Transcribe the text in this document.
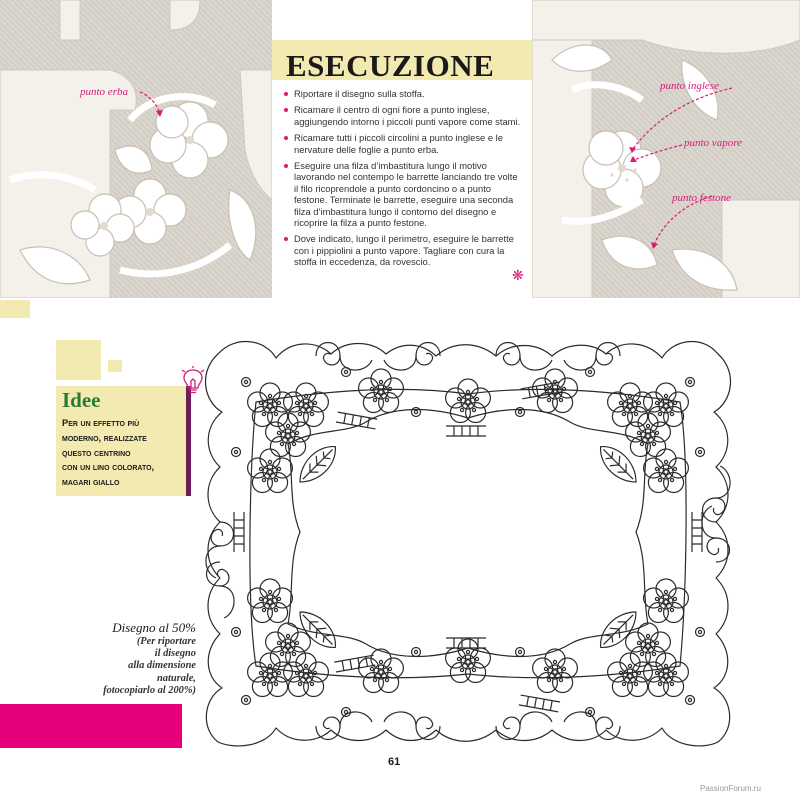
punto erba	punto inglese
punto vapore
punto festone
ESECUZIONE
Riportare il disegno sulla stoffa.
Ricamare il centro di ogni fiore a punto inglese, aggiungendo intorno i piccoli punti vapore come stami.
Ricamare tutti i piccoli circolini a punto inglese e le nervature delle foglie a punto erba.
Eseguire una filza d’imbastitura lungo il motivo lavorando nel contempo le barrette lanciando tre volte il filo ricoprendole a punto cordoncino o a punto festone. Terminate le barrette, eseguire una seconda filza d’imbastitura lungo il contorno del disegno e ricoprire la filza a punto festone.
Dove indicato, lungo il perimetro, eseguire le barrette con i pippiolini a punto vapore. Tagliare con cura la stoffa in eccedenza, da rovescio.
❋
Idee
Per un effetto più
moderno, realizzate
questo centrino
con un lino colorato,
magari giallo
Disegno al 50%
(Per riportare
il disegno
alla dimensione
naturale,
fotocopiarlo al 200%)
61
PassionForum.ru
